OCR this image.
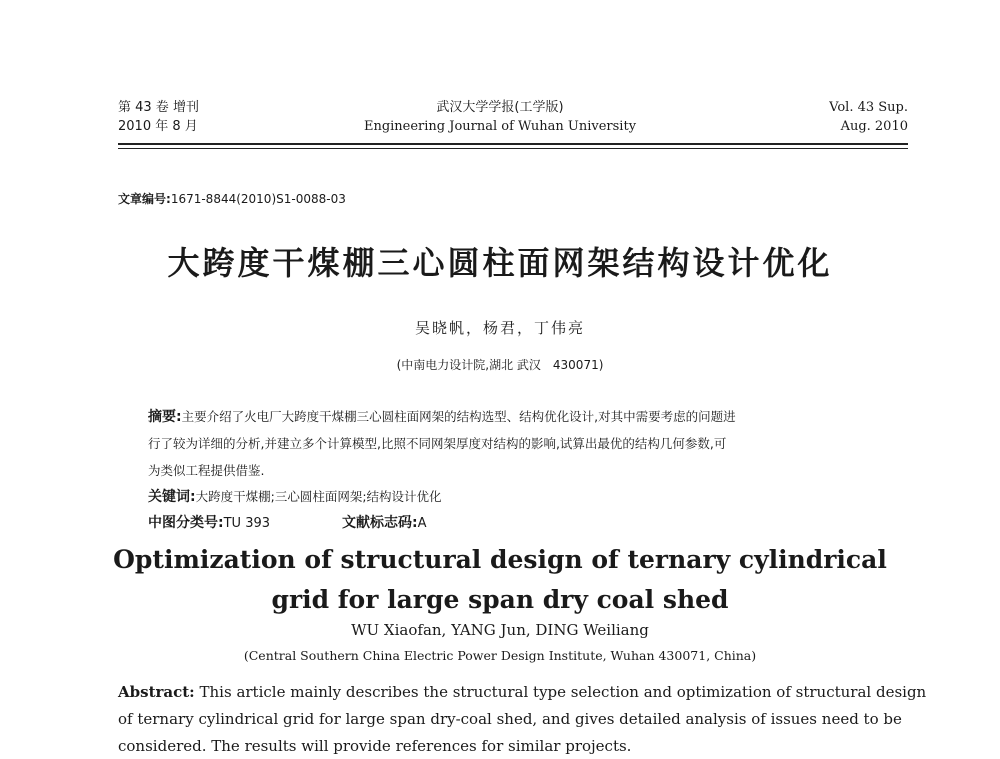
第 43 卷 增刊
2010 年 8 月
武汉大学学报(工学版)
Engineering Journal of Wuhan University
Vol. 43 Sup.
Aug. 2010
文章编号:1671-8844(2010)S1-0088-03
大跨度干煤棚三心圆柱面网架结构设计优化
吴晓帆，杨君，丁伟亮
(中南电力设计院,湖北 武汉　430071)
摘要:主要介绍了火电厂大跨度干煤棚三心圆柱面网架的结构选型、结构优化设计,对其中需要考虑的问题进
行了较为详细的分析,并建立多个计算模型,比照不同网架厚度对结构的影响,试算出最优的结构几何参数,可
为类似工程提供借鉴.
关键词:大跨度干煤棚;三心圆柱面网架;结构设计优化
中图分类号:TU 393	文献标志码:A
Optimization of structural design of ternary cylindrical
grid for large span dry coal shed
WU Xiaofan, YANG Jun, DING Weiliang
(Central Southern China Electric Power Design Institute, Wuhan 430071, China)
Abstract: This article mainly describes the structural type selection and optimization of structural design
of ternary cylindrical grid for large span dry-coal shed, and gives detailed analysis of issues need to be
considered. The results will provide references for similar projects.
